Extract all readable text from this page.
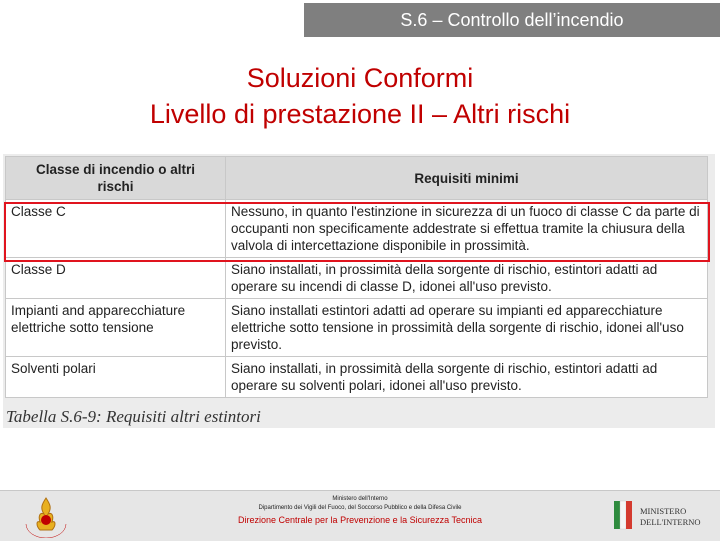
S.6 – Controllo dell’incendio
Soluzioni Conformi
Livello di prestazione II – Altri rischi
Classe di incendio o altri rischi	Requisiti minimi
Classe C	Nessuno, in quanto l'estinzione in sicurezza di un fuoco di classe C da parte di occupanti non specificamente addestrate si effettua tramite la chiusura della valvola di intercettazione disponibile in prossimità.
Classe D	Siano installati, in prossimità della sorgente di rischio, estintori adatti ad operare su incendi di classe D, idonei all'uso previsto.
Impianti and apparecchiature elettriche sotto tensione	Siano installati estintori adatti ad operare su impianti ed apparecchiature elettriche sotto tensione in prossimità della sorgente di rischio, idonei all'uso previsto.
Solventi polari	Siano installati, in prossimità della sorgente di rischio, estintori adatti ad operare su solventi polari, idonei all'uso previsto.
Tabella S.6-9: Requisiti altri estintori
Ministero dell'Interno
Dipartimento dei Vigili del Fuoco, del Soccorso Pubblico e della Difesa Civile
Direzione Centrale per la Prevenzione e la Sicurezza Tecnica
MINISTERO
DELL'INTERNO
